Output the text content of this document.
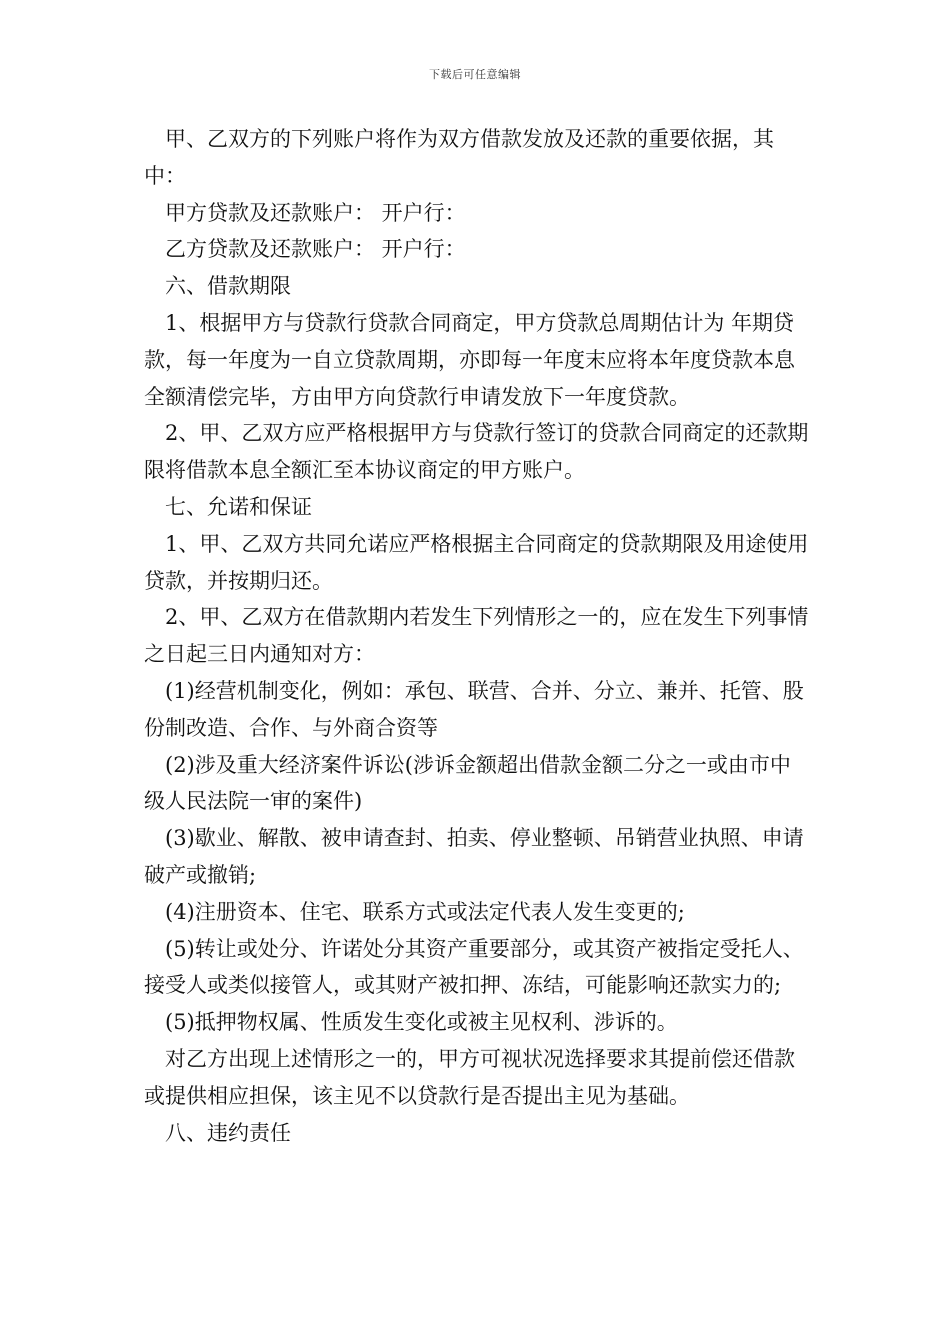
下载后可任意编辑

甲、乙双方的下列账户将作为双方借款发放及还款的重要依据，其中：

甲方贷款及还款账户： 开户行：

乙方贷款及还款账户： 开户行：

六、借款期限

1、根据甲方与贷款行贷款合同商定，甲方贷款总周期估计为 年期贷款，每一年度为一自立贷款周期，亦即每一年度末应将本年度贷款本息全额清偿完毕，方由甲方向贷款行申请发放下一年度贷款。

2、甲、乙双方应严格根据甲方与贷款行签订的贷款合同商定的还款期限将借款本息全额汇至本协议商定的甲方账户。

七、允诺和保证

1、甲、乙双方共同允诺应严格根据主合同商定的贷款期限及用途使用贷款，并按期归还。

2、甲、乙双方在借款期内若发生下列情形之一的，应在发生下列事情之日起三日内通知对方：

(1)经营机制变化，例如：承包、联营、合并、分立、兼并、托管、股份制改造、合作、与外商合资等

(2)涉及重大经济案件诉讼(涉诉金额超出借款金额二分之一或由市中级人民法院一审的案件)

(3)歇业、解散、被申请查封、拍卖、停业整顿、吊销营业执照、申请破产或撤销;

(4)注册资本、住宅、联系方式或法定代表人发生变更的;

(5)转让或处分、许诺处分其资产重要部分，或其资产被指定受托人、接受人或类似接管人，或其财产被扣押、冻结，可能影响还款实力的;

(5)抵押物权属、性质发生变化或被主见权利、涉诉的。

对乙方出现上述情形之一的，甲方可视状况选择要求其提前偿还借款或提供相应担保，该主见不以贷款行是否提出主见为基础。

八、违约责任
